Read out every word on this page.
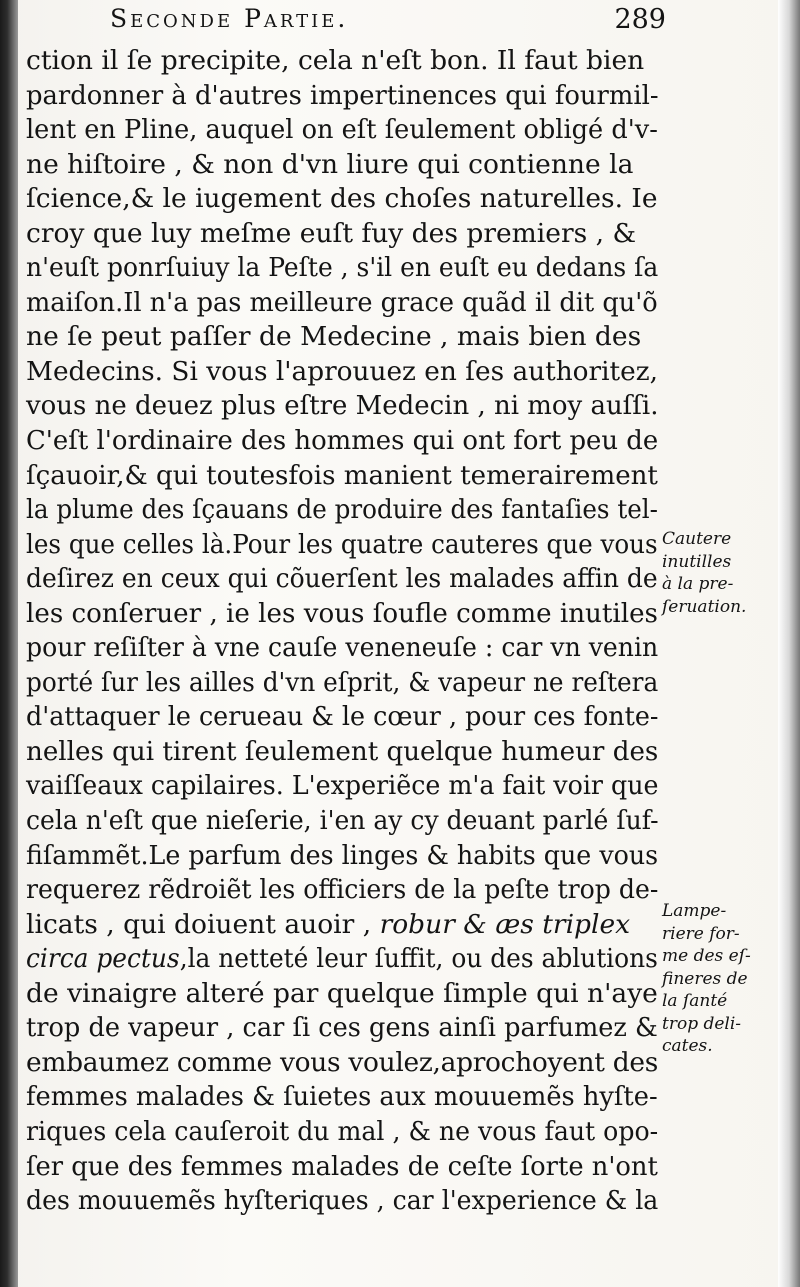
Seconde Partie.	289
ction il ſe precipite, cela n'eſt bon. Il faut bien
pardonner à d'autres impertinences qui fourmil-
lent en Pline, auquel on eſt ſeulement obligé d'v-
ne hiſtoire , & non d'vn liure qui contienne la
ſcience,& le iugement des choſes naturelles. Ie
croy que luy meſme euſt fuy des premiers , &
n'euſt ponrſuiuy la Peſte , s'il en euſt eu dedans ſa
maiſon.Il n'a pas meilleure grace quãd il dit qu'õ
ne ſe peut paſſer de Medecine , mais bien des
Medecins. Si vous l'aprouuez en ſes authoritez,
vous ne deuez plus eſtre Medecin , ni moy auſſi.
C'eſt l'ordinaire des hommes qui ont fort peu de
ſçauoir,& qui toutesfois manient temerairement
la plume des ſçauans de produire des fantaſies tel-
les que celles là.Pour les quatre cauteres que vous
deſirez en ceux qui cõuerſent les malades affin de
les conſeruer , ie les vous ſoufle comme inutiles
pour reſiſter à vne cauſe veneneuſe : car vn venin
porté ſur les ailles d'vn eſprit, & vapeur ne reſtera
d'attaquer le cerueau & le cœur , pour ces fonte-
nelles qui tirent ſeulement quelque humeur des
vaiſſeaux capilaires. L'experiẽce m'a fait voir que
cela n'eſt que nieſerie, i'en ay cy deuant parlé ſuf-
fiſammẽt.Le parfum des linges & habits que vous
requerez rẽdroiẽt les officiers de la peſte trop de-
licats , qui doiuent auoir , robur & æs triplex
circa pectus,la netteté leur ſuffit, ou des ablutions
de vinaigre alteré par quelque ſimple qui n'aye
trop de vapeur , car ſi ces gens ainſi parfumez &
embaumez comme vous voulez,aprochoyent des
femmes malades & ſuietes aux mouuemẽs hyſte-
riques cela cauſeroit du mal , & ne vous faut opo-
ſer que des femmes malades de ceſte ſorte n'ont
des mouuemẽs hyſteriques , car l'experience & la
Cautere
inutilles
à la pre-
ſeruation.
Lampe-
riere for-
me des eſ-
fineres de
la ſanté
trop deli-
cates.
